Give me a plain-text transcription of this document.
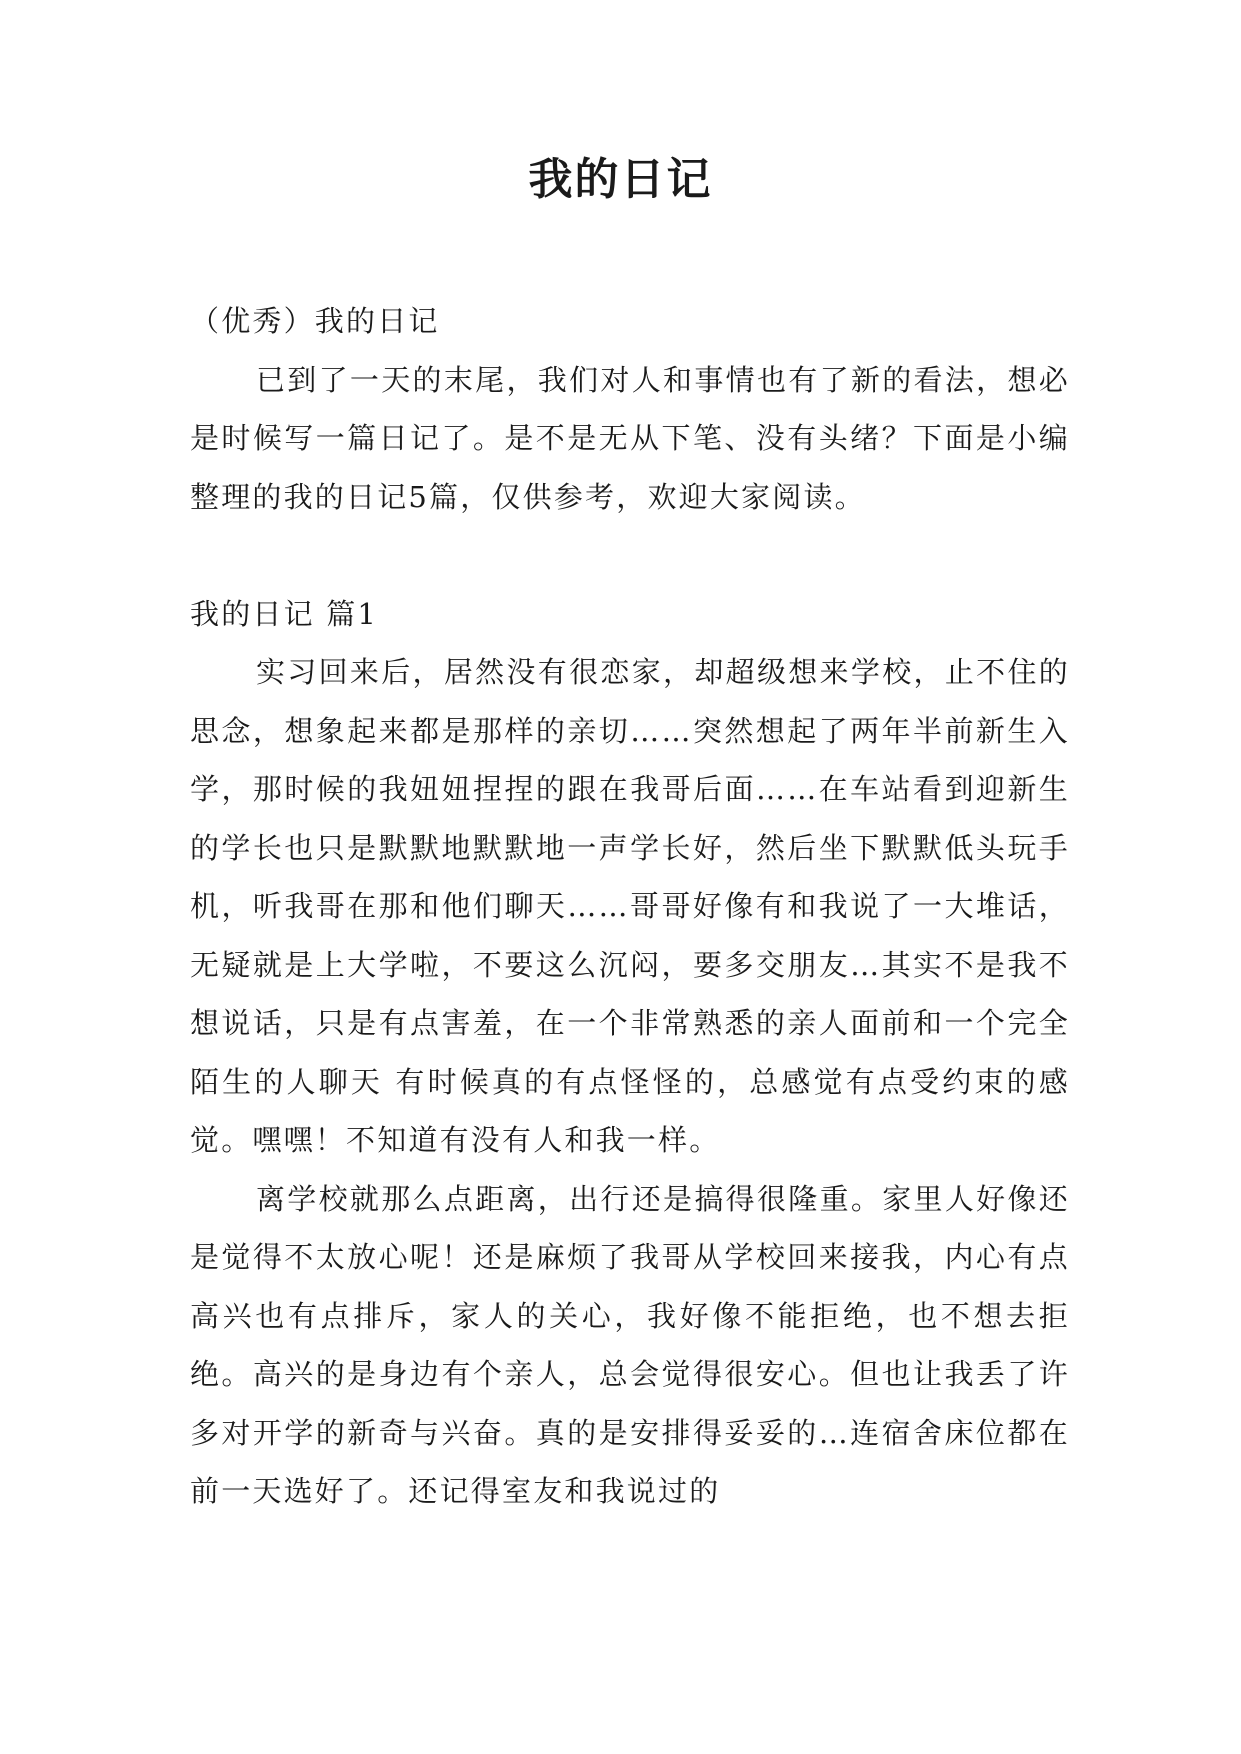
我的日记

（优秀）我的日记

已到了一天的末尾，我们对人和事情也有了新的看法，想必是时候写一篇日记了。是不是无从下笔、没有头绪？下面是小编整理的我的日记5篇，仅供参考，欢迎大家阅读。

我的日记 篇1

实习回来后，居然没有很恋家，却超级想来学校，止不住的思念，想象起来都是那样的亲切……突然想起了两年半前新生入学，那时候的我妞妞捏捏的跟在我哥后面……在车站看到迎新生的学长也只是默默地默默地一声学长好，然后坐下默默低头玩手机，听我哥在那和他们聊天……哥哥好像有和我说了一大堆话，无疑就是上大学啦，不要这么沉闷，要多交朋友…其实不是我不想说话，只是有点害羞，在一个非常熟悉的亲人面前和一个完全陌生的人聊天 有时候真的有点怪怪的，总感觉有点受约束的感觉。嘿嘿！不知道有没有人和我一样。

离学校就那么点距离，出行还是搞得很隆重。家里人好像还是觉得不太放心呢！还是麻烦了我哥从学校回来接我，内心有点高兴也有点排斥，家人的关心，我好像不能拒绝，也不想去拒绝。高兴的是身边有个亲人，总会觉得很安心。但也让我丢了许多对开学的新奇与兴奋。真的是安排得妥妥的…连宿舍床位都在前一天选好了。还记得室友和我说过的
